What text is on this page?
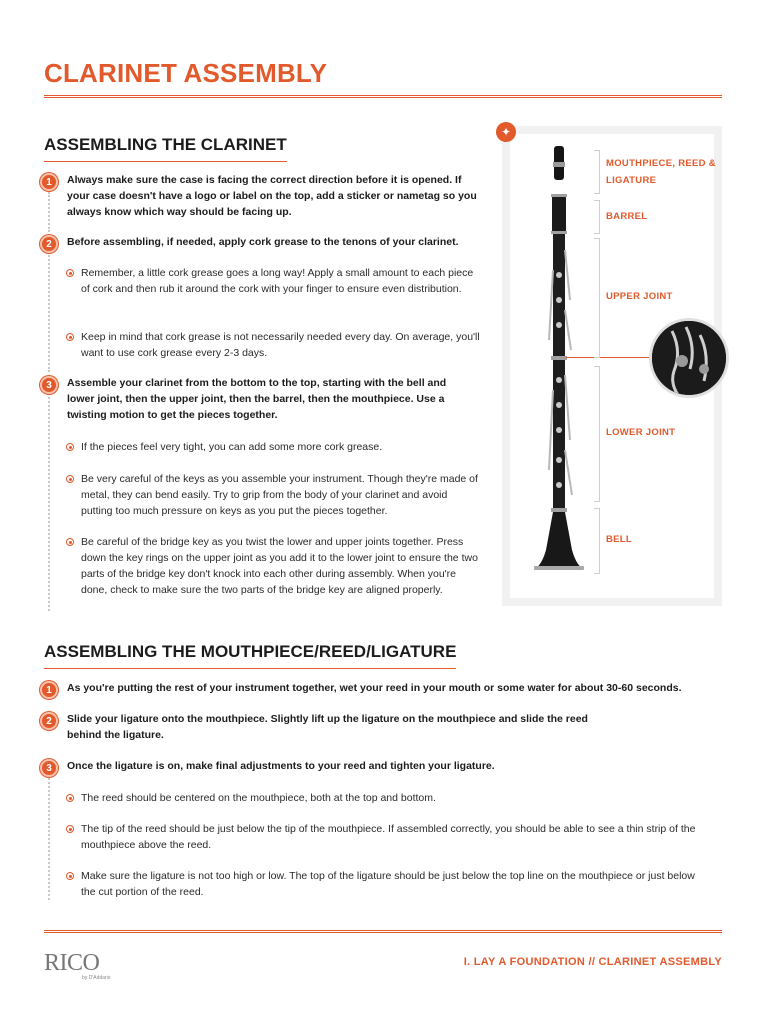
CLARINET ASSEMBLY
ASSEMBLING THE CLARINET
1	Always make sure the case is facing the correct direction before it is opened. If your case doesn't have a logo or label on the top, add a sticker or nametag so you always know which way should be facing up.
2	Before assembling, if needed, apply cork grease to the tenons of your clarinet.
Remember, a little cork grease goes a long way! Apply a small amount to each piece of cork and then rub it around the cork with your finger to ensure even distribution.
Keep in mind that cork grease is not necessarily needed every day. On average, you'll want to use cork grease every 2-3 days.
3	Assemble your clarinet from the bottom to the top, starting with the bell and lower joint, then the upper joint, then the barrel, then the mouthpiece. Use a twisting motion to get the pieces together.
If the pieces feel very tight, you can add some more cork grease.
Be very careful of the keys as you assemble your instrument. Though they're made of metal, they can bend easily. Try to grip from the body of your clarinet and avoid putting too much pressure on keys as you put the pieces together.
Be careful of the bridge key as you twist the lower and upper joints together. Press down the key rings on the upper joint as you add it to the lower joint to ensure the two parts of the bridge key don't knock into each other during assembly. When you're done, check to make sure the two parts of the bridge key are aligned properly.
✦
MOUTHPIECE, REED & LIGATURE
BARREL
UPPER JOINT
LOWER JOINT
BELL
ASSEMBLING THE MOUTHPIECE/REED/LIGATURE
1	As you're putting the rest of your instrument together, wet your reed in your mouth or some water for about 30-60 seconds.
2	Slide your ligature onto the mouthpiece. Slightly lift up the ligature on the mouthpiece and slide the reed behind the ligature.
3	Once the ligature is on, make final adjustments to your reed and tighten your ligature.
The reed should be centered on the mouthpiece, both at the top and bottom.
The tip of the reed should be just below the tip of the mouthpiece. If assembled correctly, you should be able to see a thin strip of the mouthpiece above the reed.
Make sure the ligature is not too high or low. The top of the ligature should be just below the top line on the mouthpiece or just below the cut portion of the reed.
RICO
by D'Addario
I. LAY A FOUNDATION // CLARINET ASSEMBLY
